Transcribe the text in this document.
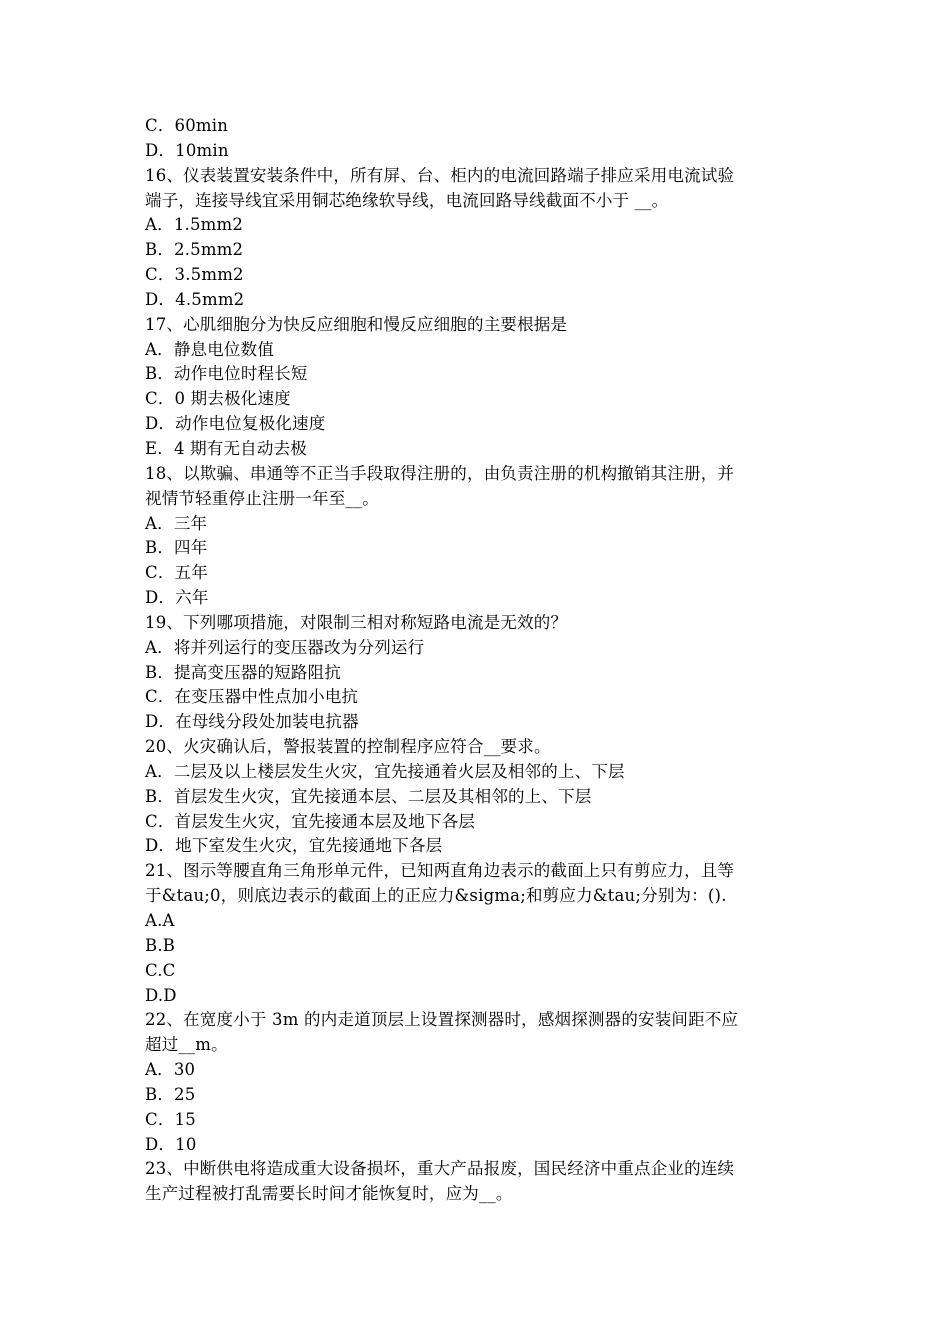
C．60min
D．10min
16、仪表装置安装条件中，所有屏、台、柜内的电流回路端子排应采用电流试验
端子，连接导线宜采用铜芯绝缘软导线，电流回路导线截面不小于 __。
A．1.5mm2
B．2.5mm2
C．3.5mm2
D．4.5mm2
17、心肌细胞分为快反应细胞和慢反应细胞的主要根据是
A．静息电位数值
B．动作电位时程长短
C．0 期去极化速度
D．动作电位复极化速度
E．4 期有无自动去极
18、以欺骗、串通等不正当手段取得注册的，由负责注册的机构撤销其注册，并
视情节轻重停止注册一年至__。
A．三年
B．四年
C．五年
D．六年
19、下列哪项措施，对限制三相对称短路电流是无效的？
A．将并列运行的变压器改为分列运行
B．提高变压器的短路阻抗
C．在变压器中性点加小电抗
D．在母线分段处加装电抗器
20、火灾确认后，警报装置的控制程序应符合__要求。
A．二层及以上楼层发生火灾，宜先接通着火层及相邻的上、下层
B．首层发生火灾，宜先接通本层、二层及其相邻的上、下层
C．首层发生火灾，宜先接通本层及地下各层
D．地下室发生火灾，宜先接通地下各层
21、图示等腰直角三角形单元件，已知两直角边表示的截面上只有剪应力，且等
于&tau;0，则底边表示的截面上的正应力&sigma;和剪应力&tau;分别为：().
A.A
B.B
C.C
D.D
22、在宽度小于 3m 的内走道顶层上设置探测器时，感烟探测器的安装间距不应
超过__m。
A．30
B．25
C．15
D．10
23、中断供电将造成重大设备损坏，重大产品报废，国民经济中重点企业的连续
生产过程被打乱需要长时间才能恢复时，应为__。
